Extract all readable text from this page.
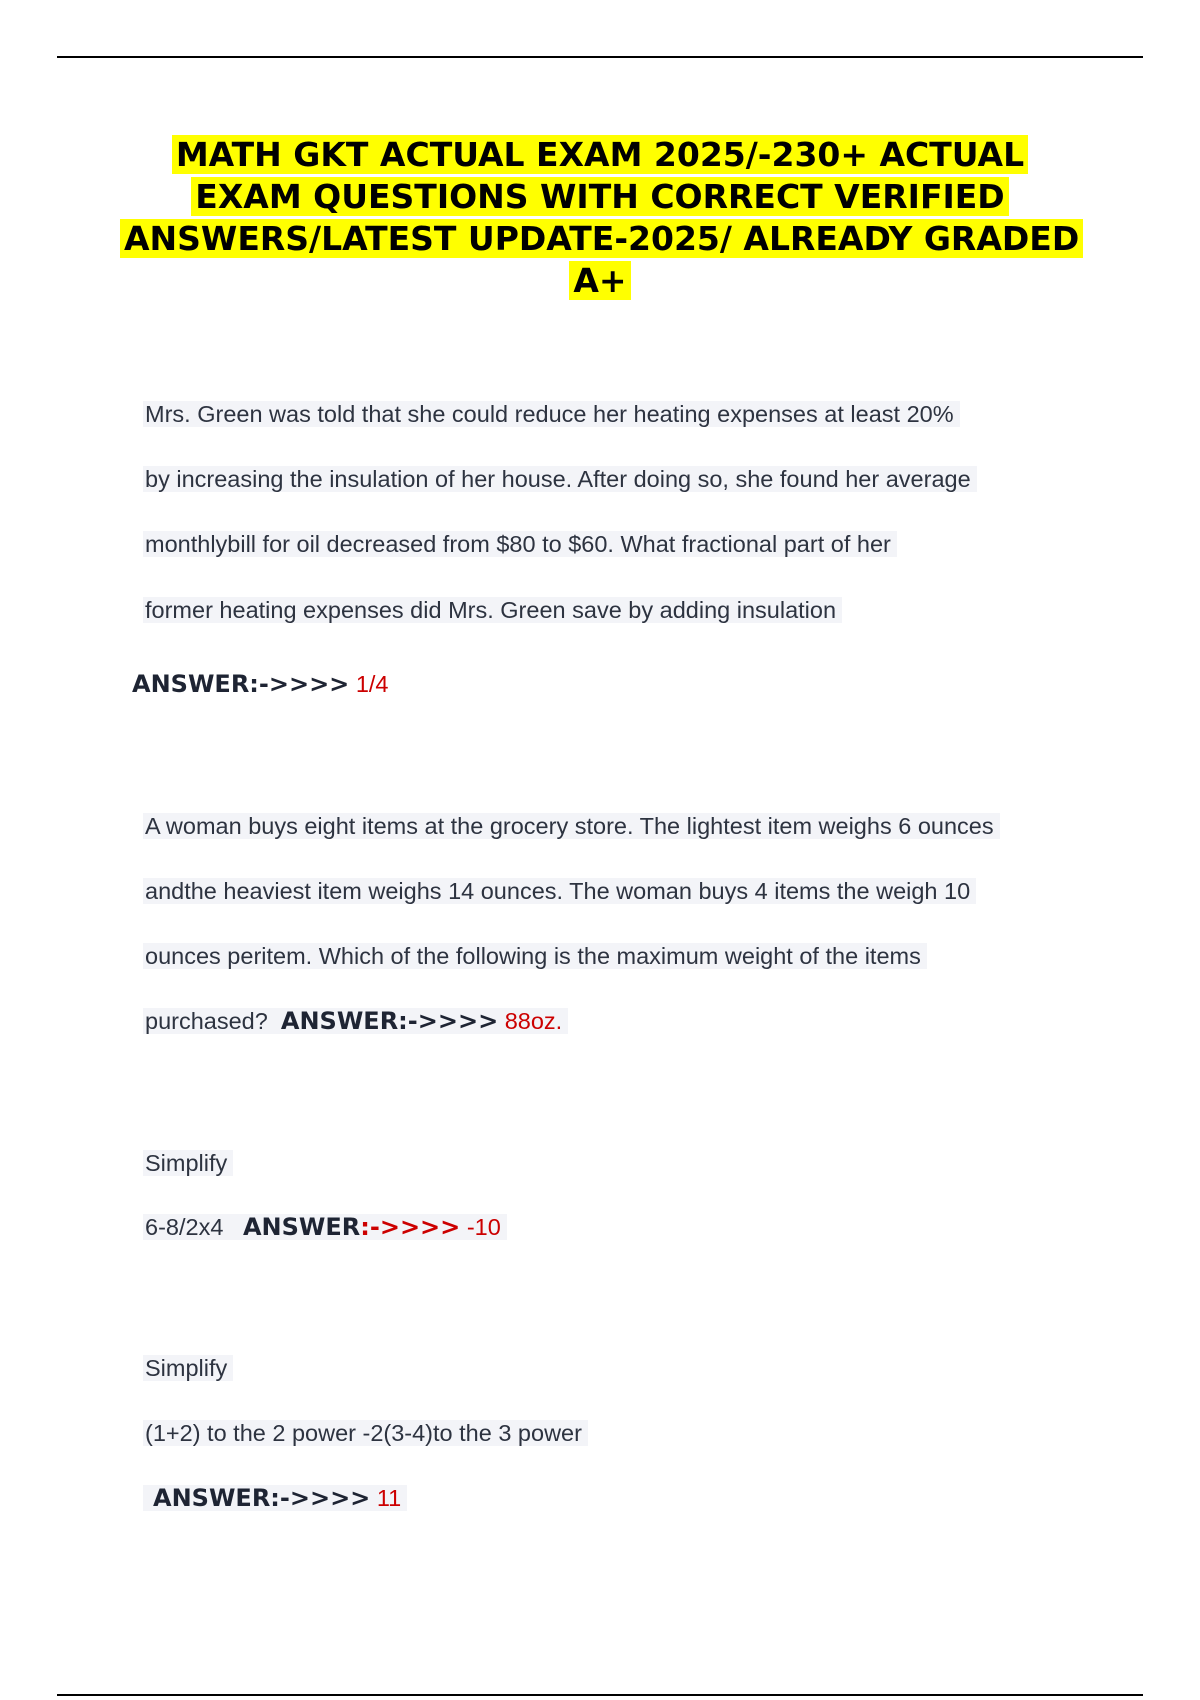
MATH GKT ACTUAL EXAM 2025/-230+ ACTUAL EXAM QUESTIONS WITH CORRECT VERIFIED ANSWERS/LATEST UPDATE-2025/ ALREADY GRADED A+
Mrs. Green was told that she could reduce her heating expenses at least 20%
by increasing the insulation of her house. After doing so, she found her average
monthlybill for oil decreased from $80 to $60. What fractional part of her
former heating expenses did Mrs. Green save by adding insulation
ANSWER:->>>> 1/4
A woman buys eight items at the grocery store. The lightest item weighs 6 ounces
andthe heaviest item weighs 14 ounces. The woman buys 4 items the weigh 10
ounces peritem. Which of the following is the maximum weight of the items
purchased? ANSWER:->>>> 88oz.
Simplify
6-8/2x4 ANSWER:->>>> -10
Simplify
(1+2) to the 2 power -2(3-4)to the 3 power
ANSWER:->>>> 11
